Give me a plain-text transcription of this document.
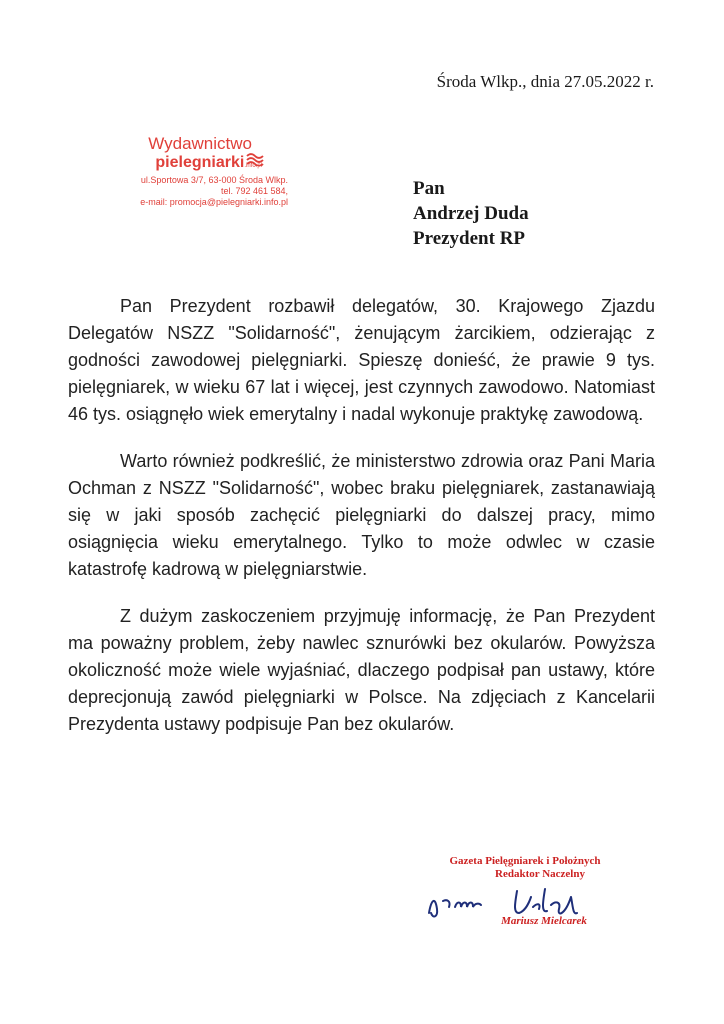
Środa Wlkp., dnia 27.05.2022 r.
Wydawnictwo
pielegniarki.info.pl
ul.Sportowa 3/7, 63-000 Środa Wlkp.
tel. 792 461 584,
e-mail: promocja@pielegniarki.info.pl
Pan
Andrzej Duda
Prezydent RP

Pan Prezydent rozbawił delegatów, 30. Krajowego Zjazdu Delegatów NSZZ "Solidarność", żenującym żarcikiem, odzierając z godności zawodowej pielęgniarki. Spieszę donieść, że prawie 9 tys. pielęgniarek, w wieku 67 lat i więcej, jest czynnych zawodowo. Natomiast 46 tys. osiągnęło wiek emerytalny i nadal wykonuje praktykę zawodową.

Warto również podkreślić, że ministerstwo zdrowia oraz Pani Maria Ochman z NSZZ "Solidarność", wobec braku pielęgniarek, zastanawiają się w jaki sposób zachęcić pielęgniarki do dalszej pracy, mimo osiągnięcia wieku emerytalnego. Tylko to może odwlec w czasie katastrofę kadrową w pielęgniarstwie.

Z dużym zaskoczeniem przyjmuję informację, że Pan Prezydent ma poważny problem, żeby nawlec sznurówki bez okularów. Powyższa okoliczność może wiele wyjaśniać, dlaczego podpisał pan ustawy, które deprecjonują zawód pielęgniarki w Polsce. Na zdjęciach z Kancelarii Prezydenta ustawy podpisuje Pan bez okularów.

Gazeta Pielęgniarek i Położnych
Redaktor Naczelny
Mariusz Mielcarek
